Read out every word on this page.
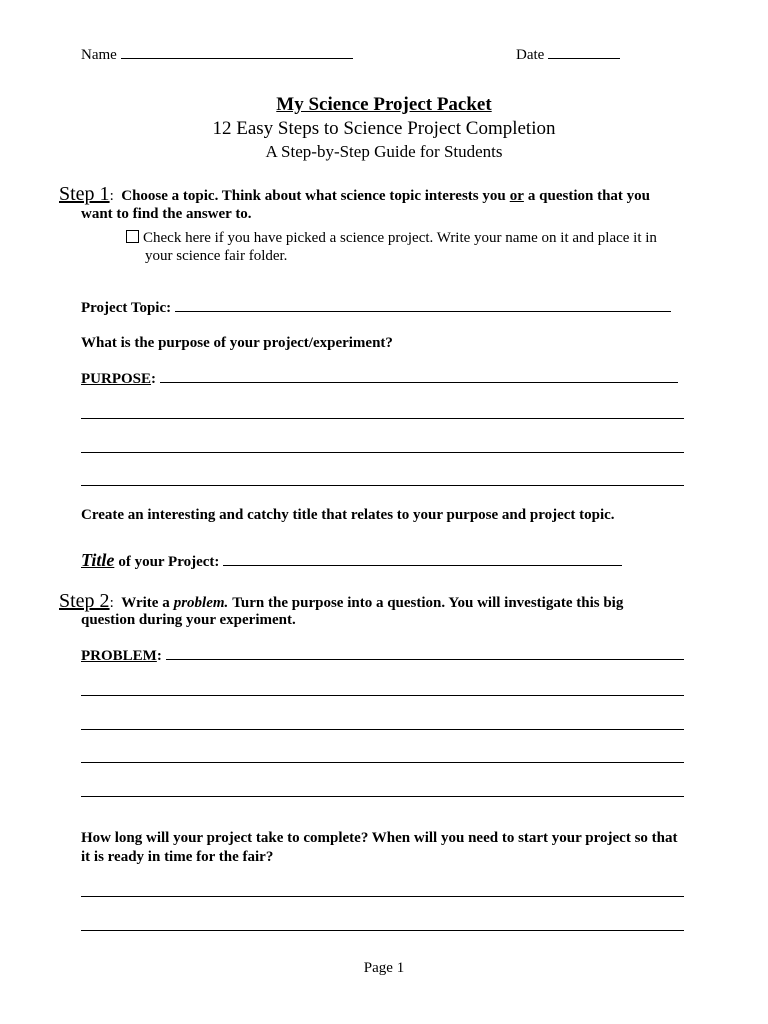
Name	Date
My Science Project Packet
12 Easy Steps to Science Project Completion
A Step-by-Step Guide for Students
Step 1:  Choose a topic. Think about what science topic interests you or a question that you
want to find the answer to.
Check here if you have picked a science project. Write your name on it and place it in
your science fair folder.
Project Topic:
What is the purpose of your project/experiment?
PURPOSE:
Create an interesting and catchy title that relates to your purpose and project topic.
Title of your Project:
Step 2:  Write a problem. Turn the purpose into a question. You will investigate this big
question during your experiment.
PROBLEM:
How long will your project take to complete? When will you need to start your project so that
it is ready in time for the fair?
Page 1
